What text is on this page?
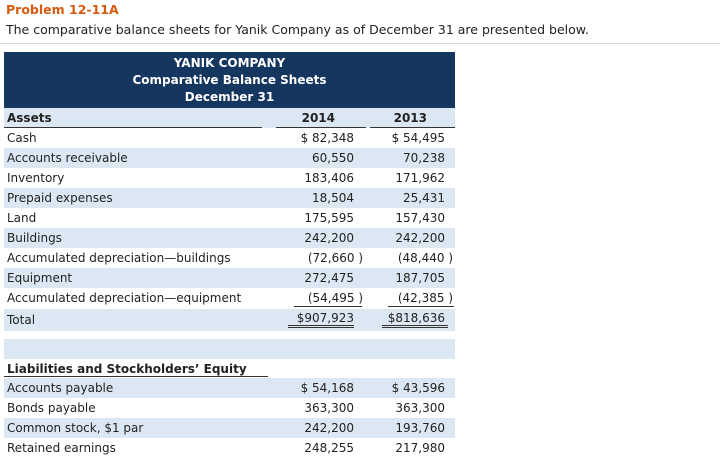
Problem 12-11A
The comparative balance sheets for Yanik Company as of December 31 are presented below.
YANIK COMPANY
Comparative Balance Sheets
December 31
Assets	2014	2013
Cash	$ 82,348	$ 54,495
Accounts receivable	60,550	70,238
Inventory	183,406	171,962
Prepaid expenses	18,504	25,431
Land	175,595	157,430
Buildings	242,200	242,200
Accumulated depreciation—buildings	(72,660 )	(48,440 )
Equipment	272,475	187,705
Accumulated depreciation—equipment	(54,495 )	(42,385 )
Total	$907,923	$818,636
Liabilities and Stockholders’ Equity
Accounts payable	$ 54,168	$ 43,596
Bonds payable	363,300	363,300
Common stock, $1 par	242,200	193,760
Retained earnings	248,255	217,980
